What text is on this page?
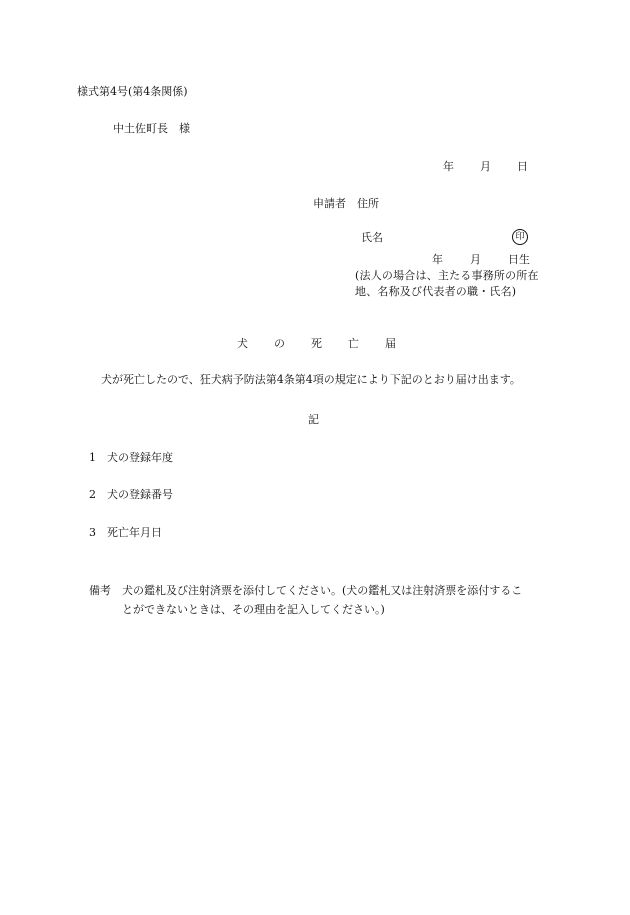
様式第4号(第4条関係)
中土佐町長　様
年 月 日
申請者　住所
氏名	印
年 月 日生
(法人の場合は、主たる事務所の所在地、名称及び代表者の職・氏名)
犬 の 死 亡 届
犬が死亡したので、狂犬病予防法第4条第4項の規定により下記のとおり届け出ます。
記
1 犬の登録年度
2 犬の登録番号
3 死亡年月日
備考 犬の鑑札及び注射済票を添付してください。(犬の鑑札又は注射済票を添付するこ
とができないときは、その理由を記入してください。)
